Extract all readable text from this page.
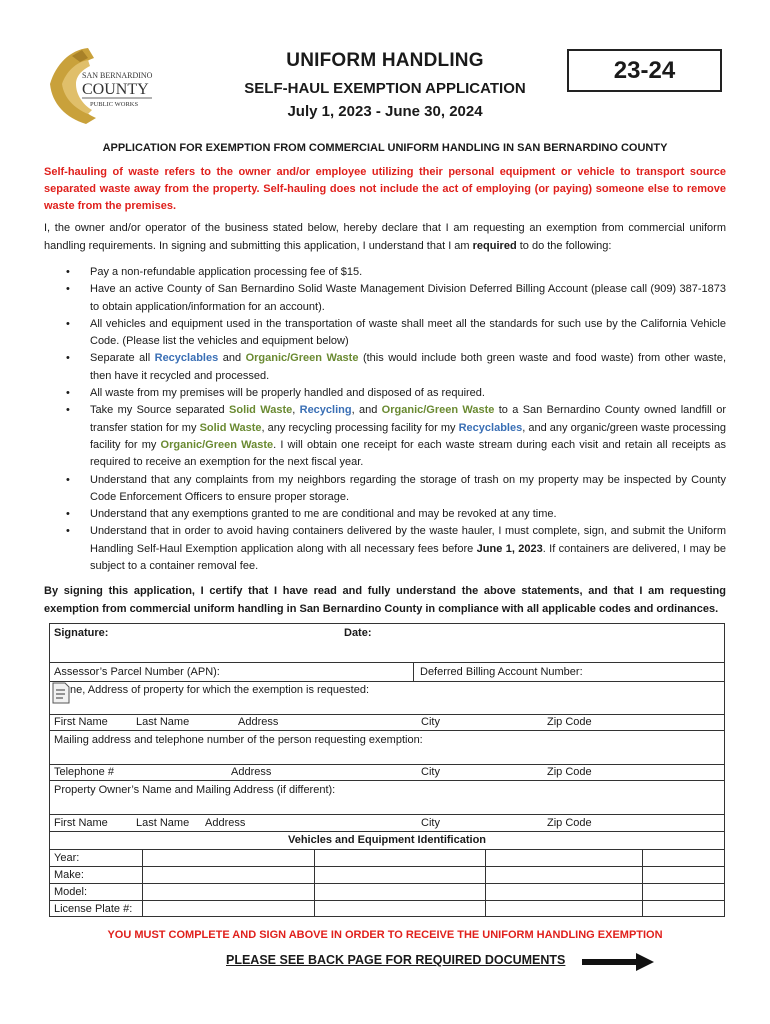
SAN BERNARDINO
COUNTY
PUBLIC WORKS
UNIFORM HANDLING
SELF-HAUL EXEMPTION APPLICATION
July 1, 2023 - June 30, 2024
23-24
APPLICATION FOR EXEMPTION FROM COMMERCIAL UNIFORM HANDLING IN SAN BERNARDINO COUNTY
Self-hauling of waste refers to the owner and/or employee utilizing their personal equipment or vehicle to transport source separated waste away from the property. Self-hauling does not include the act of employing (or paying) someone else to remove waste from the premises.
I, the owner and/or operator of the business stated below, hereby declare that I am requesting an exemption from commercial uniform handling requirements. In signing and submitting this application, I understand that I am required to do the following:
• Pay a non-refundable application processing fee of $15.
• Have an active County of San Bernardino Solid Waste Management Division Deferred Billing Account (please call (909) 387-1873 to obtain application/information for an account).
• All vehicles and equipment used in the transportation of waste shall meet all the standards for such use by the California Vehicle Code. (Please list the vehicles and equipment below)
• Separate all Recyclables and Organic/Green Waste (this would include both green waste and food waste) from other waste, then have it recycled and processed.
• All waste from my premises will be properly handled and disposed of as required.
• Take my Source separated Solid Waste, Recycling, and Organic/Green Waste to a San Bernardino County owned landfill or transfer station for my Solid Waste, any recycling processing facility for my Recyclables, and any organic/green waste processing facility for my Organic/Green Waste. I will obtain one receipt for each waste stream during each visit and retain all receipts as required to receive an exemption for the next fiscal year.
• Understand that any complaints from my neighbors regarding the storage of trash on my property may be inspected by County Code Enforcement Officers to ensure proper storage.
• Understand that any exemptions granted to me are conditional and may be revoked at any time.
• Understand that in order to avoid having containers delivered by the waste hauler, I must complete, sign, and submit the Uniform Handling Self-Haul Exemption application along with all necessary fees before June 1, 2023. If containers are delivered, I may be subject to a container removal fee.
By signing this application, I certify that I have read and fully understand the above statements, and that I am requesting exemption from commercial uniform handling in San Bernardino County in compliance with all applicable codes and ordinances.
Signature:	Date:
Assessor’s Parcel Number (APN):	Deferred Billing Account Number:
ne, Address of property for which the exemption is requested:
First Name	Last Name	Address	City	Zip Code
Mailing address and telephone number of the person requesting exemption:
Telephone #	Address	City	Zip Code
Property Owner’s Name and Mailing Address (if different):
First Name	Last Name Address	City	Zip Code
Vehicles and Equipment Identification
Year:
Make:
Model:
License Plate #:
YOU MUST COMPLETE AND SIGN ABOVE IN ORDER TO RECEIVE THE UNIFORM HANDLING EXEMPTION
PLEASE SEE BACK PAGE FOR REQUIRED DOCUMENTS
